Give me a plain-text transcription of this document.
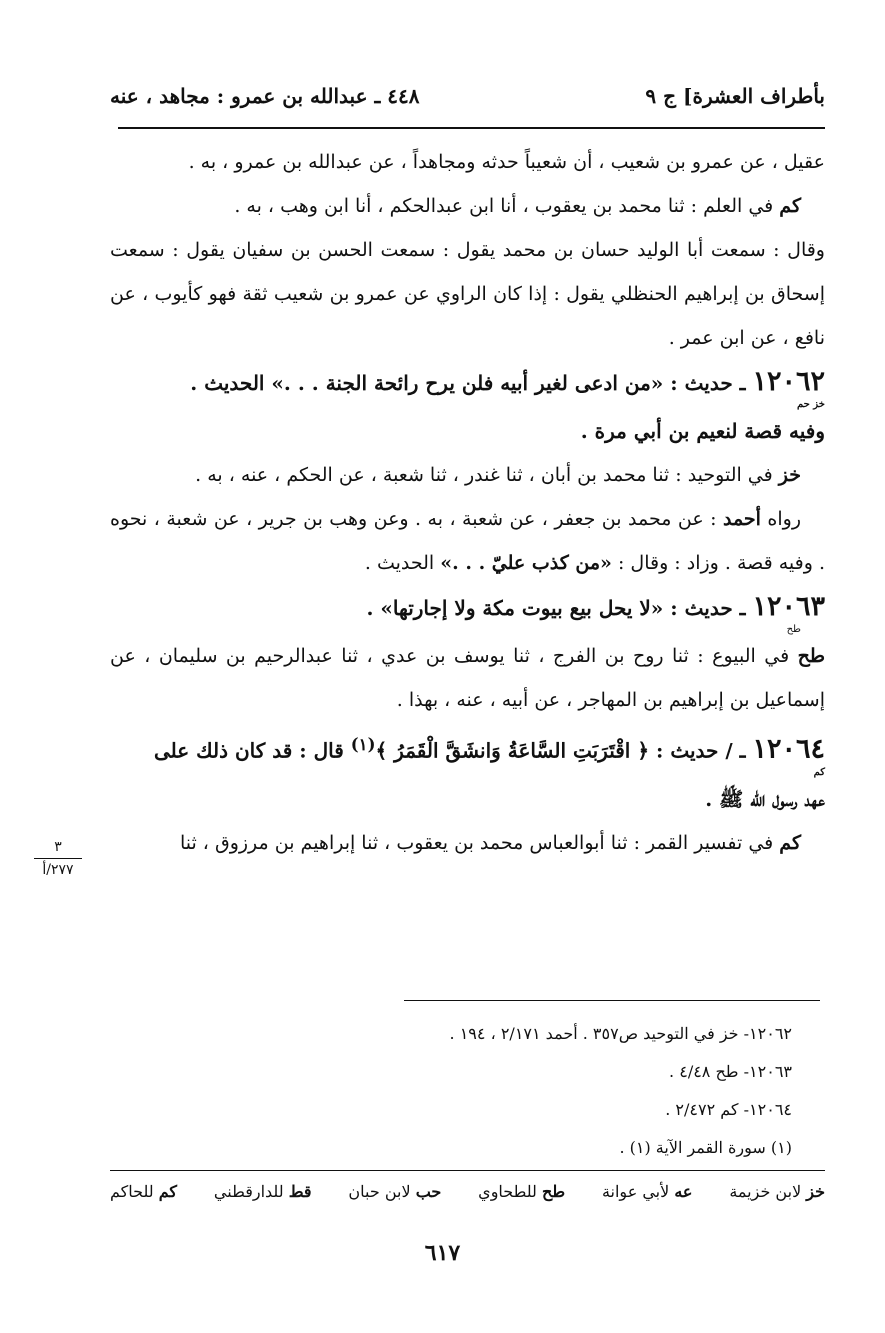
بأطراف العشرة] ج ٩
٤٤٨ ـ عبدالله بن عمرو : مجاهد ، عنه

عقيل ، عن عمرو بن شعيب ، أن شعيباً حدثه ومجاهداً ، عن عبدالله بن عمرو ، به .

كم في العلم : ثنا محمد بن يعقوب ، أنا ابن عبدالحكم ، أنا ابن وهب ، به .

وقال : سمعت أبا الوليد حسان بن محمد يقول : سمعت الحسن بن سفيان يقول : سمعت إسحاق بن إبراهيم الحنظلي يقول : إذا كان الراوي عن عمرو بن شعيب ثقة فهو كأيوب ، عن نافع ، عن ابن عمر .

١٢٠٦٢ ـ حديث : «من ادعى لغير أبيه فلن يرح رائحة الجنة . . .» الحديث .

خز حم
وفيه قصة لنعيم بن أبي مرة .

خز في التوحيد : ثنا محمد بن أبان ، ثنا غندر ، ثنا شعبة ، عن الحكم ، عنه ، به .

رواه أحمد : عن محمد بن جعفر ، عن شعبة ، به . وعن وهب بن جرير ، عن شعبة ، نحوه . وفيه قصة . وزاد : وقال : «من كذب عليّ . . .» الحديث .

١٢٠٦٣ ـ حديث : «لا يحل بيع بيوت مكة ولا إجارتها» .

طح
طح في البيوع : ثنا روح بن الفرج ، ثنا يوسف بن عدي ، ثنا عبدالرحيم بن سليمان ، عن إسماعيل بن إبراهيم بن المهاجر ، عن أبيه ، عنه ، بهذا .

١٢٠٦٤ ـ / حديث : ﴿ اقْتَرَبَتِ السَّاعَةُ وَانشَقَّ الْقَمَرُ ﴾$^{(١)}$ قال : قد كان ذلك على

كم
عهد رسول الله ﷺ .

كم في تفسير القمر : ثنا أبوالعباس محمد بن يعقوب ، ثنا إبراهيم بن مرزوق ، ثنا

٣
٢٧٧/أ
١٢٠٦٢- خز في التوحيد ص٣٥٧ . أحمد ٢/١٧١ ، ١٩٤ .
١٢٠٦٣- طح ٤/٤٨ .
١٢٠٦٤- كم ٢/٤٧٢ .
(١) سورة القمر الآية (١) .
خز لابن خزيمة
عه لأبي عوانة
طح للطحاوي
حب لابن حبان
قط للدارقطني
كم للحاكم
٦١٧
